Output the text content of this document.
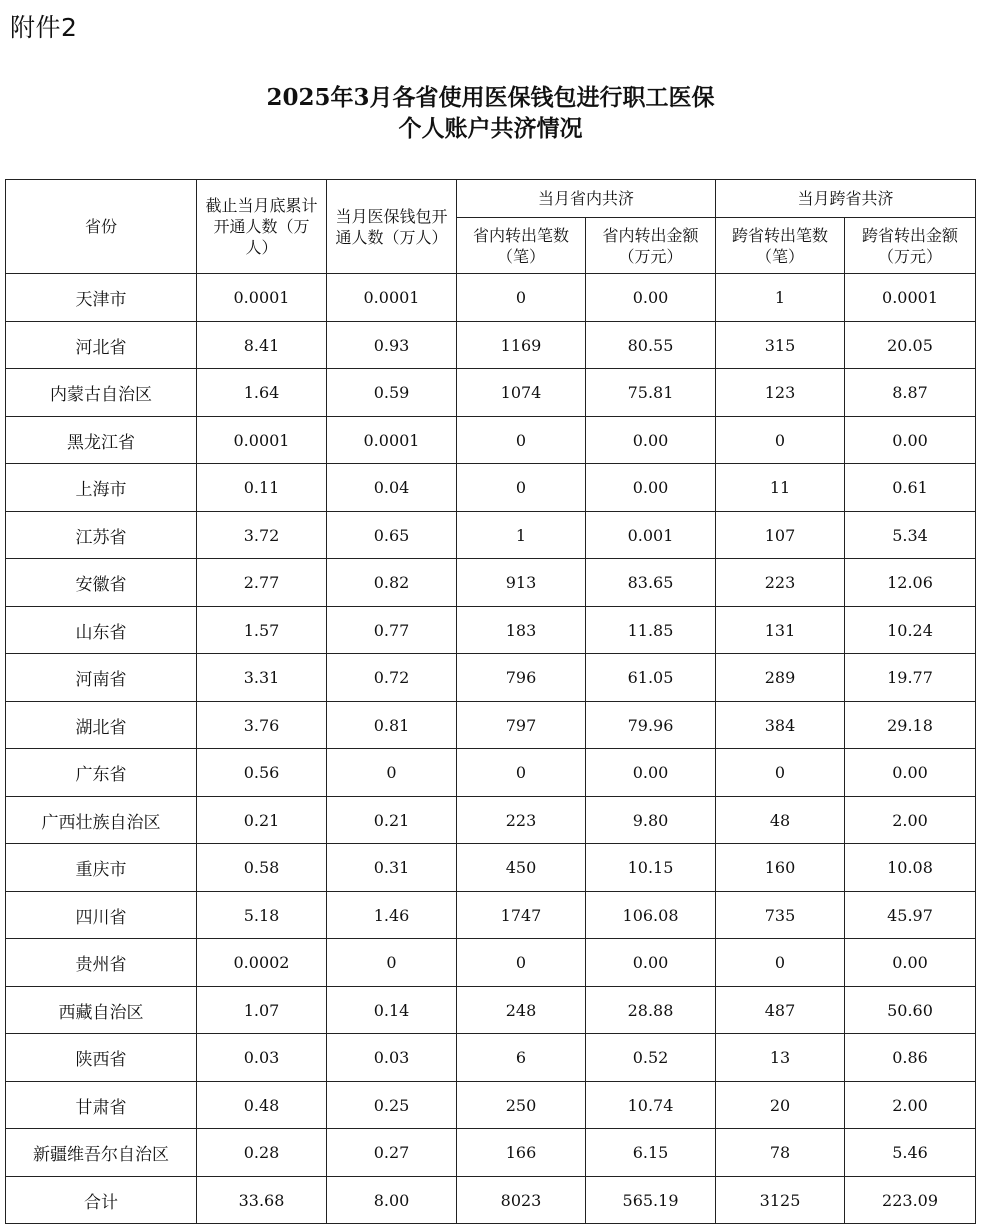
附件2
2025年3月各省使用医保钱包进行职工医保
个人账户共济情况
省份	截止当月底累计开通人数（万人）	当月医保钱包开通人数（万人）	当月省内共济		当月跨省共济	
			省内转出笔数（笔）	省内转出金额（万元）	跨省转出笔数（笔）	跨省转出金额（万元）
天津市	0.0001	0.0001	0	0.00	1	0.0001
河北省	8.41	0.93	1169	80.55	315	20.05
内蒙古自治区	1.64	0.59	1074	75.81	123	8.87
黑龙江省	0.0001	0.0001	0	0.00	0	0.00
上海市	0.11	0.04	0	0.00	11	0.61
江苏省	3.72	0.65	1	0.001	107	5.34
安徽省	2.77	0.82	913	83.65	223	12.06
山东省	1.57	0.77	183	11.85	131	10.24
河南省	3.31	0.72	796	61.05	289	19.77
湖北省	3.76	0.81	797	79.96	384	29.18
广东省	0.56	0	0	0.00	0	0.00
广西壮族自治区	0.21	0.21	223	9.80	48	2.00
重庆市	0.58	0.31	450	10.15	160	10.08
四川省	5.18	1.46	1747	106.08	735	45.97
贵州省	0.0002	0	0	0.00	0	0.00
西藏自治区	1.07	0.14	248	28.88	487	50.60
陕西省	0.03	0.03	6	0.52	13	0.86
甘肃省	0.48	0.25	250	10.74	20	2.00
新疆维吾尔自治区	0.28	0.27	166	6.15	78	5.46
合计	33.68	8.00	8023	565.19	3125	223.09
